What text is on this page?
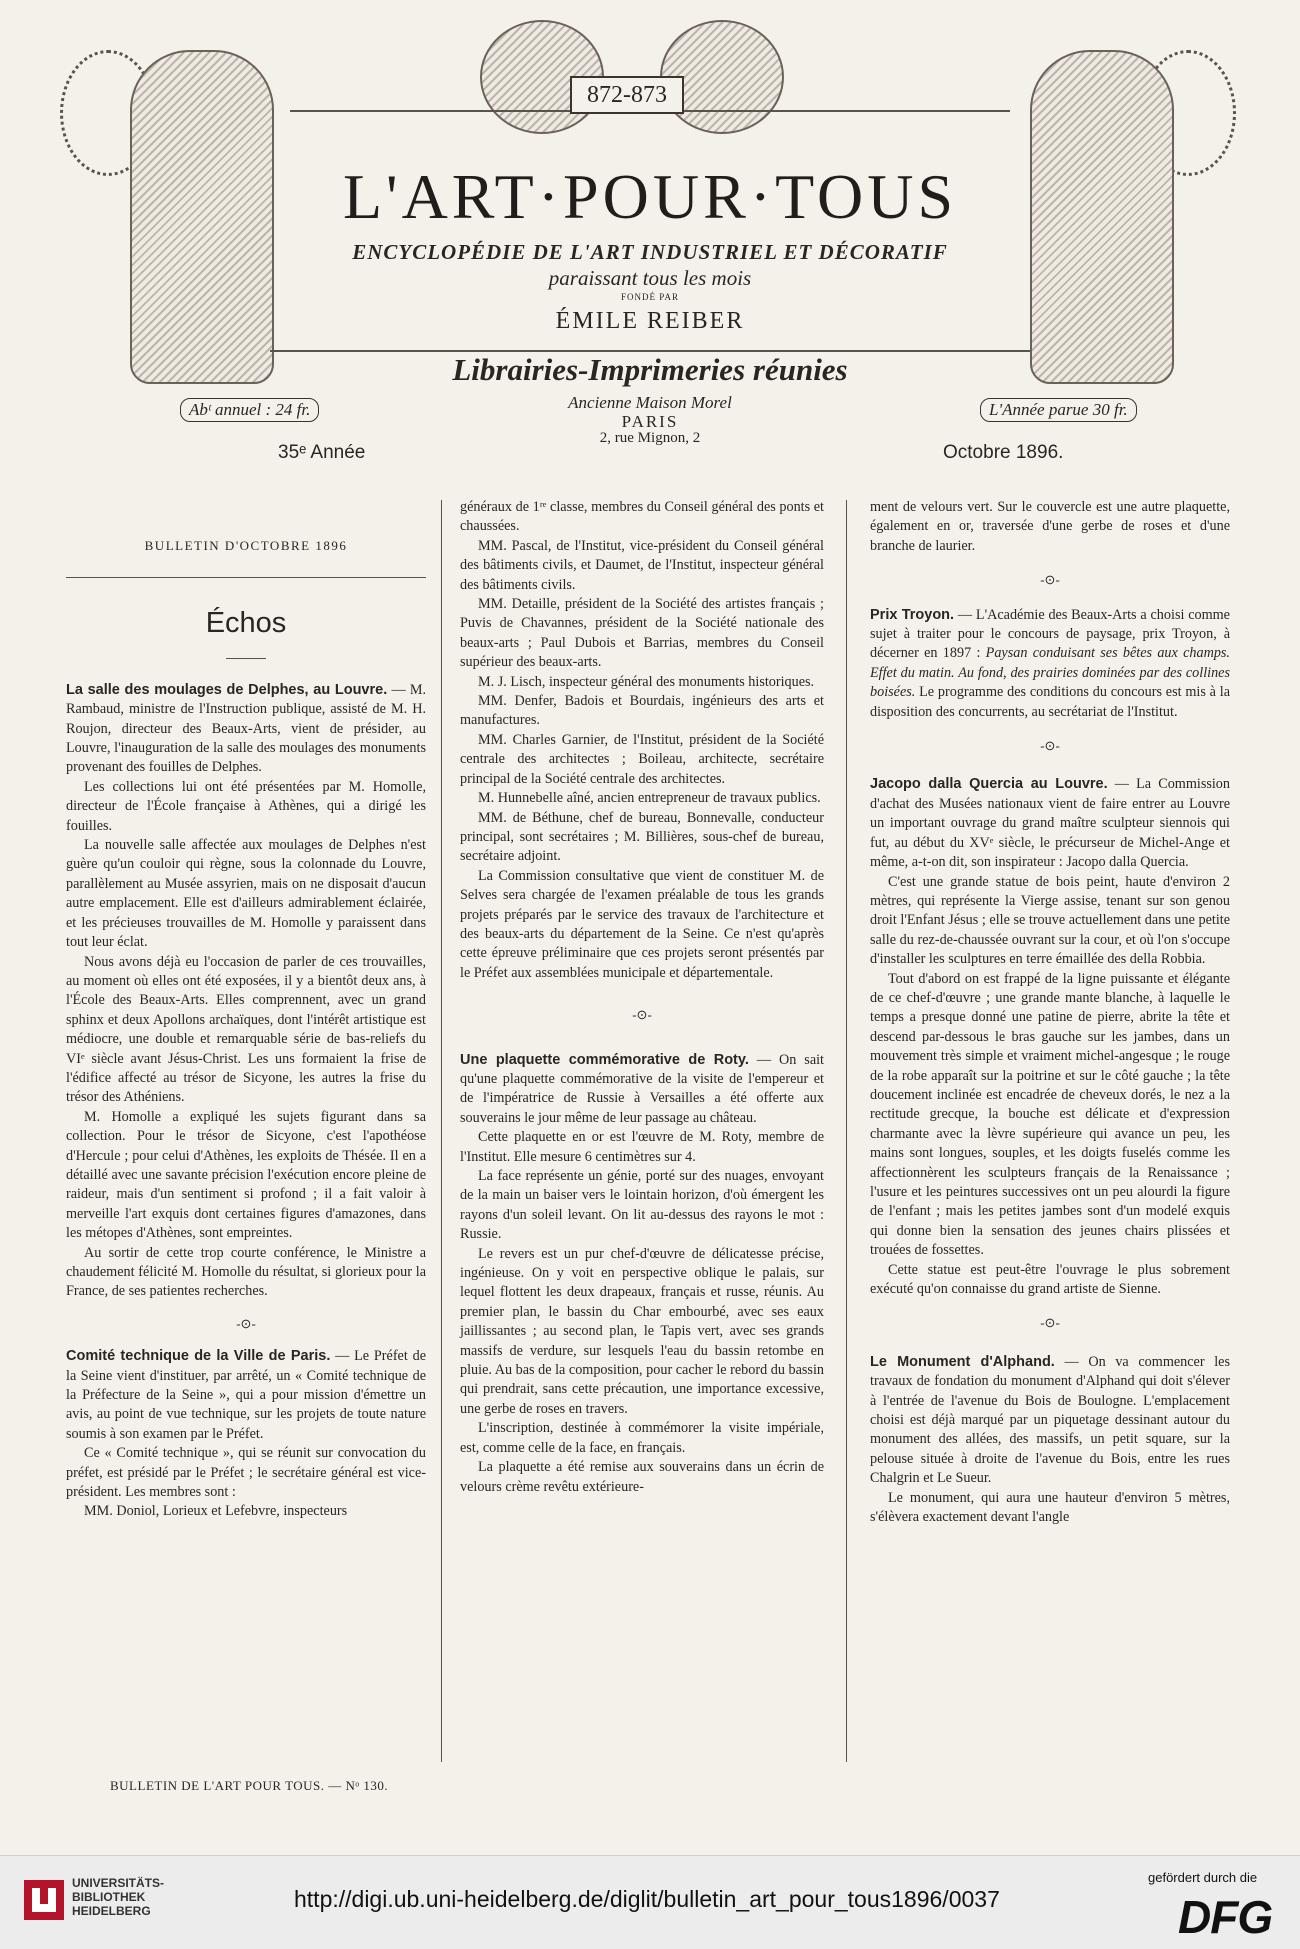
872-873
L'ART·POUR·TOUS
ENCYCLOPÉDIE DE L'ART INDUSTRIEL ET DÉCORATIF
paraissant tous les mois
FONDÉ PAR
ÉMILE REIBER
Librairies-Imprimeries réunies
Ancienne Maison Morel
PARIS
2, rue Mignon, 2
Abᵗ annuel : 24 fr.	L'Année parue 30 fr.
35ᵉ Année	Octobre 1896.
BULLETIN D'OCTOBRE 1896
Échos

La salle des moulages de Delphes, au Louvre. — M. Rambaud, ministre de l'Instruction publique, assisté de M. H. Roujon, directeur des Beaux-Arts, vient de présider, au Louvre, l'inauguration de la salle des moulages des monuments provenant des fouilles de Delphes.

Les collections lui ont été présentées par M. Homolle, directeur de l'École française à Athènes, qui a dirigé les fouilles.

La nouvelle salle affectée aux moulages de Delphes n'est guère qu'un couloir qui règne, sous la colonnade du Louvre, parallèlement au Musée assyrien, mais on ne disposait d'aucun autre emplacement. Elle est d'ailleurs admirablement éclairée, et les précieuses trouvailles de M. Homolle y paraissent dans tout leur éclat.

Nous avons déjà eu l'occasion de parler de ces trouvailles, au moment où elles ont été exposées, il y a bientôt deux ans, à l'École des Beaux-Arts. Elles comprennent, avec un grand sphinx et deux Apollons archaïques, dont l'intérêt artistique est médiocre, une double et remarquable série de bas-reliefs du VIᵉ siècle avant Jésus-Christ. Les uns formaient la frise de l'édifice affecté au trésor de Sicyone, les autres la frise du trésor des Athéniens.

M. Homolle a expliqué les sujets figurant dans sa collection. Pour le trésor de Sicyone, c'est l'apothéose d'Hercule ; pour celui d'Athènes, les exploits de Thésée. Il en a détaillé avec une savante précision l'exécution encore pleine de raideur, mais d'un sentiment si profond ; il a fait valoir à merveille l'art exquis dont certaines figures d'amazones, dans les métopes d'Athènes, sont empreintes.

Au sortir de cette trop courte conférence, le Ministre a chaudement félicité M. Homolle du résultat, si glorieux pour la France, de ses patientes recherches.

-⊙-

Comité technique de la Ville de Paris. — Le Préfet de la Seine vient d'instituer, par arrêté, un « Comité technique de la Préfecture de la Seine », qui a pour mission d'émettre un avis, au point de vue technique, sur les projets de toute nature soumis à son examen par le Préfet.

Ce « Comité technique », qui se réunit sur convocation du préfet, est présidé par le Préfet ; le secrétaire général est vice-président. Les membres sont :

MM. Doniol, Lorieux et Lefebvre, inspecteurs

généraux de 1ʳᵉ classe, membres du Conseil général des ponts et chaussées.

MM. Pascal, de l'Institut, vice-président du Conseil général des bâtiments civils, et Daumet, de l'Institut, inspecteur général des bâtiments civils.

MM. Detaille, président de la Société des artistes français ; Puvis de Chavannes, président de la Société nationale des beaux-arts ; Paul Dubois et Barrias, membres du Conseil supérieur des beaux-arts.

M. J. Lisch, inspecteur général des monuments historiques.

MM. Denfer, Badois et Bourdais, ingénieurs des arts et manufactures.

MM. Charles Garnier, de l'Institut, président de la Société centrale des architectes ; Boileau, architecte, secrétaire principal de la Société centrale des architectes.

M. Hunnebelle aîné, ancien entrepreneur de travaux publics.

MM. de Béthune, chef de bureau, Bonnevalle, conducteur principal, sont secrétaires ; M. Billières, sous-chef de bureau, secrétaire adjoint.

La Commission consultative que vient de constituer M. de Selves sera chargée de l'examen préalable de tous les grands projets préparés par le service des travaux de l'architecture et des beaux-arts du département de la Seine. Ce n'est qu'après cette épreuve préliminaire que ces projets seront présentés par le Préfet aux assemblées municipale et départementale.

-⊙-

Une plaquette commémorative de Roty. — On sait qu'une plaquette commémorative de la visite de l'empereur et de l'impératrice de Russie à Versailles a été offerte aux souverains le jour même de leur passage au château.

Cette plaquette en or est l'œuvre de M. Roty, membre de l'Institut. Elle mesure 6 centimètres sur 4.

La face représente un génie, porté sur des nuages, envoyant de la main un baiser vers le lointain horizon, d'où émergent les rayons d'un soleil levant. On lit au-dessus des rayons le mot : Russie.

Le revers est un pur chef-d'œuvre de délicatesse précise, ingénieuse. On y voit en perspective oblique le palais, sur lequel flottent les deux drapeaux, français et russe, réunis. Au premier plan, le bassin du Char embourbé, avec ses eaux jaillissantes ; au second plan, le Tapis vert, avec ses grands massifs de verdure, sur lesquels l'eau du bassin retombe en pluie. Au bas de la composition, pour cacher le rebord du bassin qui prendrait, sans cette précaution, une importance excessive, une gerbe de roses en travers.

L'inscription, destinée à commémorer la visite impériale, est, comme celle de la face, en français.

La plaquette a été remise aux souverains dans un écrin de velours crème revêtu extérieure-

ment de velours vert. Sur le couvercle est une autre plaquette, également en or, traversée d'une gerbe de roses et d'une branche de laurier.

-⊙-

Prix Troyon. — L'Académie des Beaux-Arts a choisi comme sujet à traiter pour le concours de paysage, prix Troyon, à décerner en 1897 : Paysan conduisant ses bêtes aux champs. Effet du matin. Au fond, des prairies dominées par des collines boisées. Le programme des conditions du concours est mis à la disposition des concurrents, au secrétariat de l'Institut.

-⊙-

Jacopo dalla Quercia au Louvre. — La Commission d'achat des Musées nationaux vient de faire entrer au Louvre un important ouvrage du grand maître sculpteur siennois qui fut, au début du XVᵉ siècle, le précurseur de Michel-Ange et même, a-t-on dit, son inspirateur : Jacopo dalla Quercia.

C'est une grande statue de bois peint, haute d'environ 2 mètres, qui représente la Vierge assise, tenant sur son genou droit l'Enfant Jésus ; elle se trouve actuellement dans une petite salle du rez-de-chaussée ouvrant sur la cour, et où l'on s'occupe d'installer les sculptures en terre émaillée des della Robbia.

Tout d'abord on est frappé de la ligne puissante et élégante de ce chef-d'œuvre ; une grande mante blanche, à laquelle le temps a presque donné une patine de pierre, abrite la tête et descend par-dessous le bras gauche sur les jambes, dans un mouvement très simple et vraiment michel-angesque ; le rouge de la robe apparaît sur la poitrine et sur le côté gauche ; la tête doucement inclinée est encadrée de cheveux dorés, le nez a la rectitude grecque, la bouche est délicate et d'expression charmante avec la lèvre supérieure qui avance un peu, les mains sont longues, souples, et les doigts fuselés comme les affectionnèrent les sculpteurs français de la Renaissance ; l'usure et les peintures successives ont un peu alourdi la figure de l'enfant ; mais les petites jambes sont d'un modelé exquis qui donne bien la sensation des jeunes chairs plissées et trouées de fossettes.

Cette statue est peut-être l'ouvrage le plus sobrement exécuté qu'on connaisse du grand artiste de Sienne.

-⊙-

Le Monument d'Alphand. — On va commencer les travaux de fondation du monument d'Alphand qui doit s'élever à l'entrée de l'avenue du Bois de Boulogne. L'emplacement choisi est déjà marqué par un piquetage dessinant autour du monument des allées, des massifs, un petit square, sur la pelouse située à droite de l'avenue du Bois, entre les rues Chalgrin et Le Sueur.

Le monument, qui aura une hauteur d'environ 5 mètres, s'élèvera exactement devant l'angle

BULLETIN DE L'ART POUR TOUS. — Nᵒ 130.
UNIVERSITÄTS-
BIBLIOTHEK
HEIDELBERG	http://digi.ub.uni-heidelberg.de/diglit/bulletin_art_pour_tous1896/0037
gefördert durch die
DFG
